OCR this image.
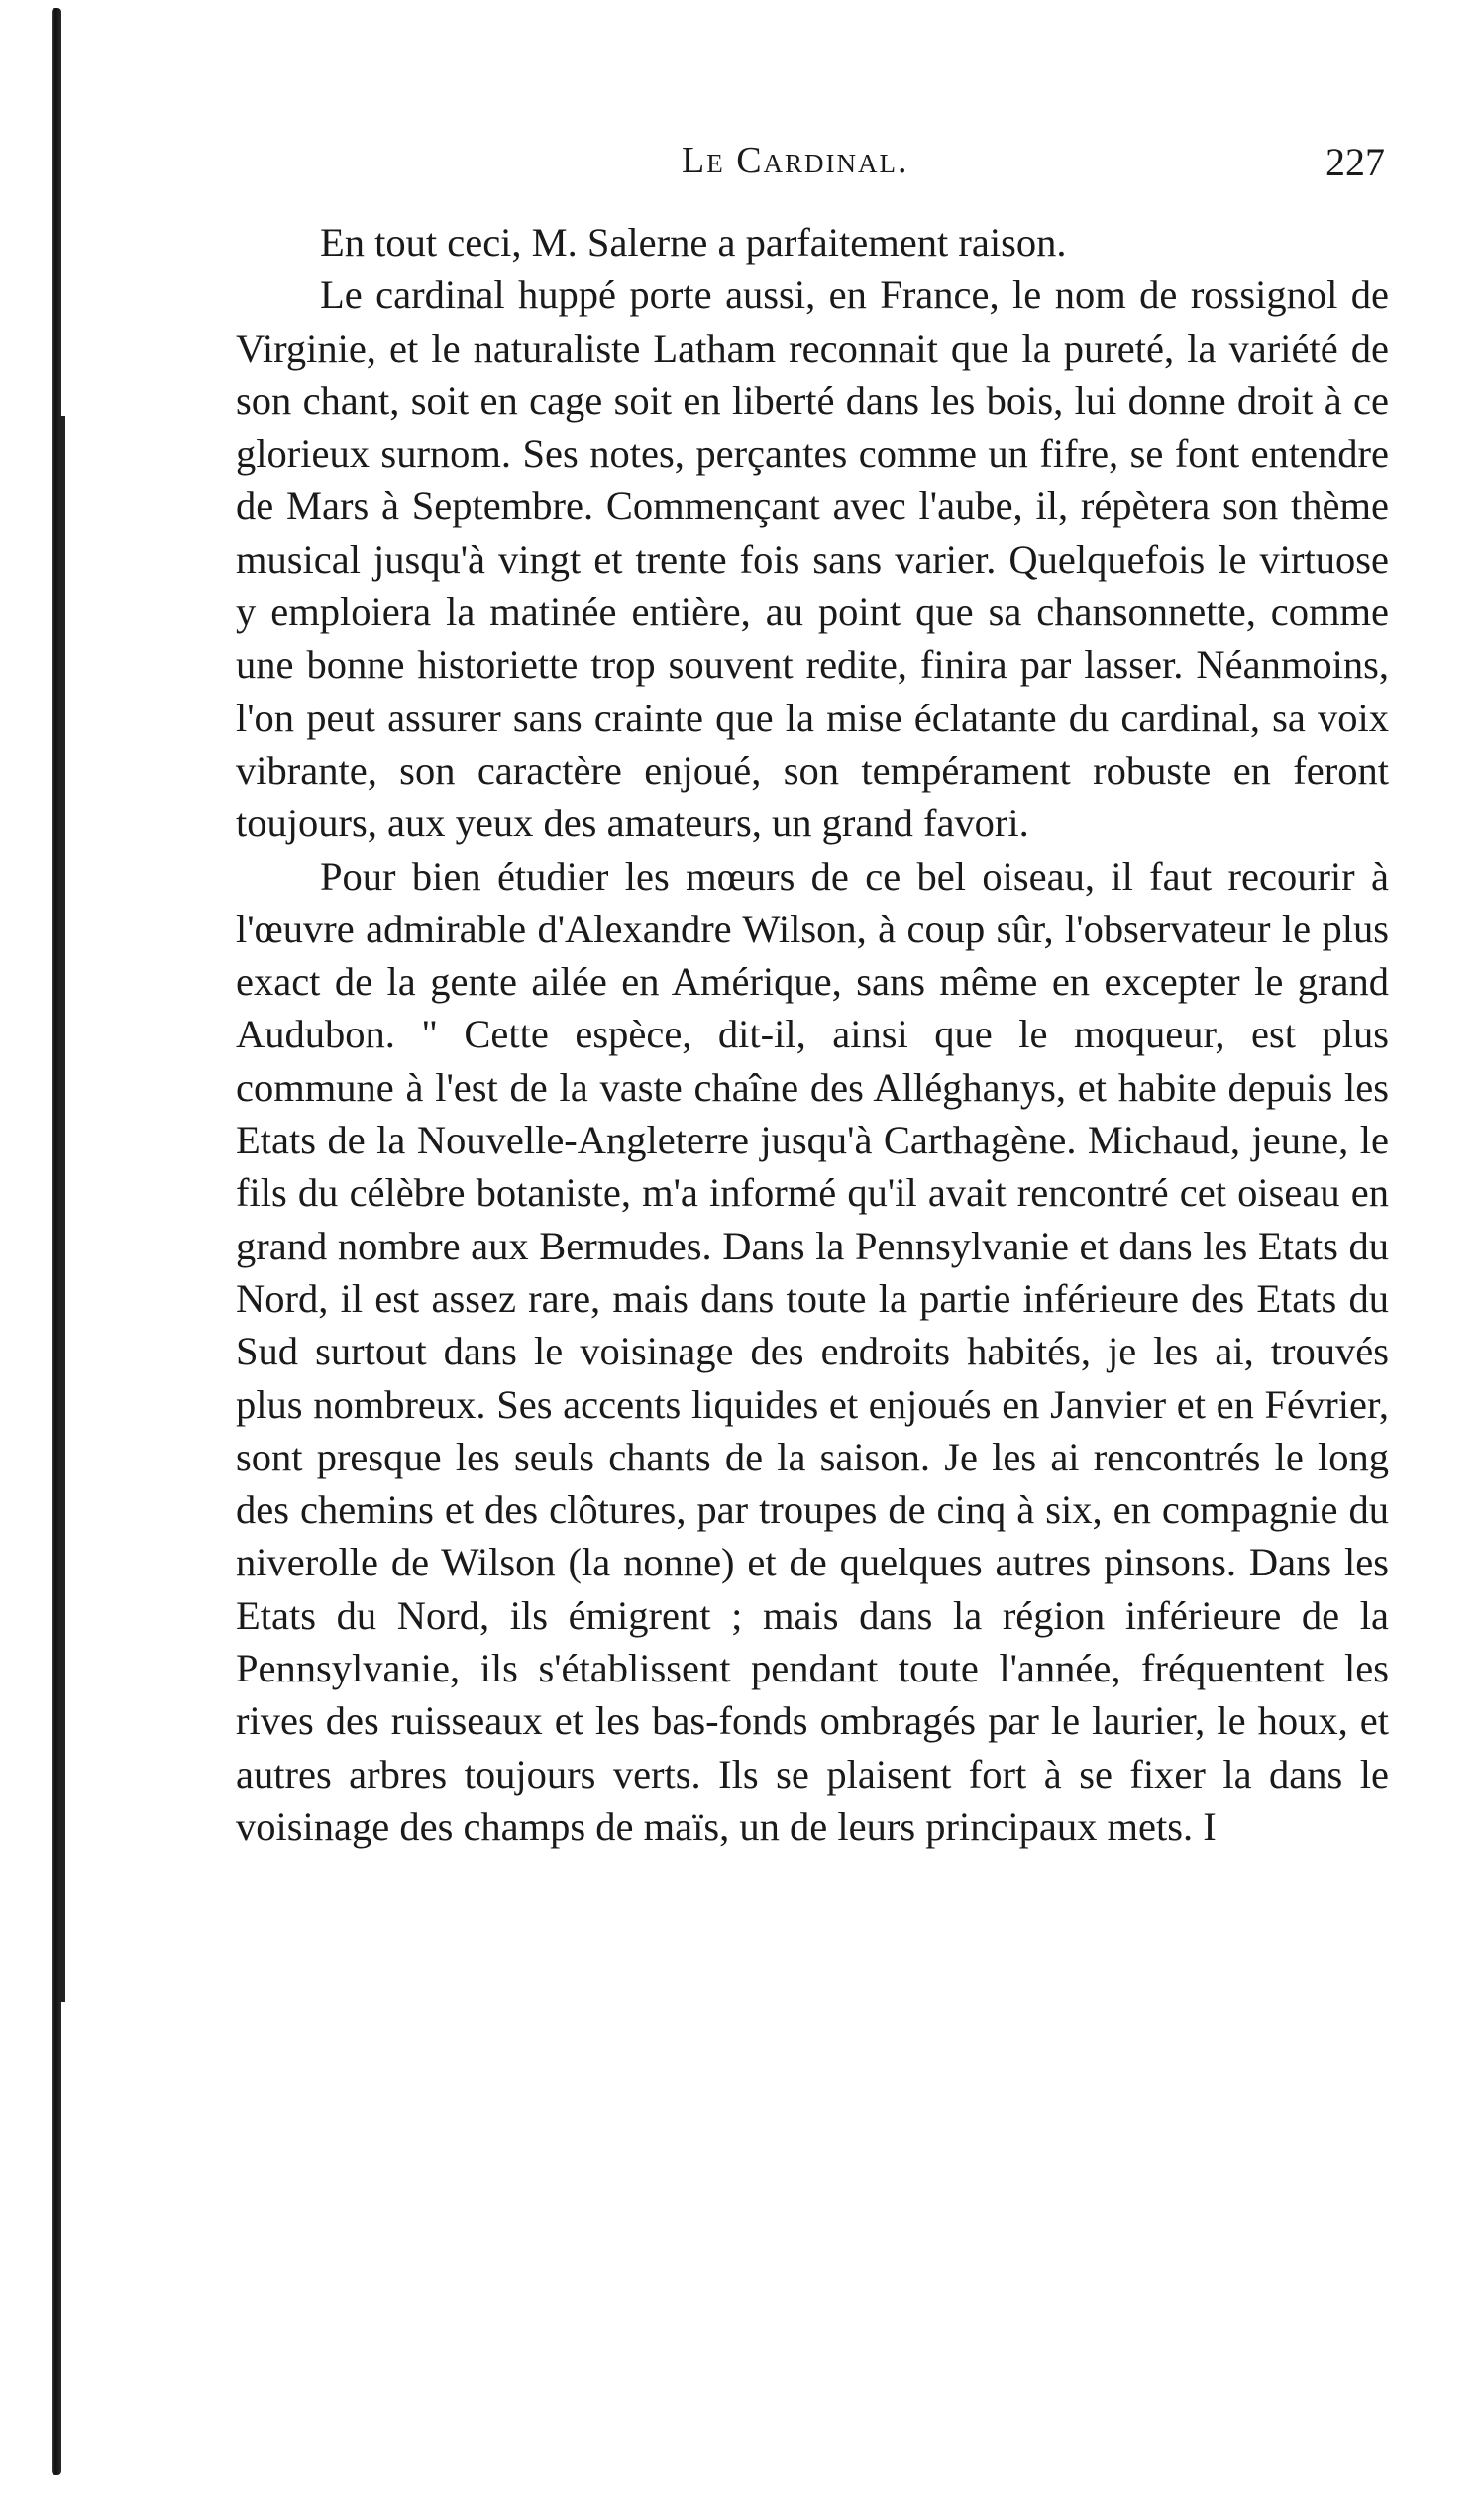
Le Cardinal.	227

En tout ceci, M. Salerne a parfaitement raison.

Le cardinal huppé porte aussi, en France, le nom de rossignol de Virginie, et le naturaliste Latham reconnait que la pureté, la variété de son chant, soit en cage soit en liberté dans les bois, lui donne droit à ce glorieux surnom. Ses notes, perçantes comme un fifre, se font entendre de Mars à Septembre. Commençant avec l'aube, il, répètera son thème musical jusqu'à vingt et trente fois sans varier. Quelquefois le virtuose y emploiera la matinée entière, au point que sa chansonnette, comme une bonne historiette trop souvent redite, finira par lasser. Néanmoins, l'on peut assurer sans crainte que la mise éclatante du cardinal, sa voix vibrante, son caractère enjoué, son tempérament robuste en feront toujours, aux yeux des amateurs, un grand favori.

Pour bien étudier les mœurs de ce bel oiseau, il faut recourir à l'œuvre admirable d'Alexandre Wilson, à coup sûr, l'observateur le plus exact de la gente ailée en Amérique, sans même en excepter le grand Audubon. " Cette espèce, dit-il, ainsi que le moqueur, est plus commune à l'est de la vaste chaîne des Alléghanys, et habite depuis les Etats de la Nouvelle-Angleterre jusqu'à Carthagène. Michaud, jeune, le fils du célèbre botaniste, m'a informé qu'il avait rencontré cet oiseau en grand nombre aux Bermudes. Dans la Pennsylvanie et dans les Etats du Nord, il est assez rare, mais dans toute la partie inférieure des Etats du Sud surtout dans le voisinage des endroits habités, je les ai, trouvés plus nombreux. Ses accents liquides et enjoués en Janvier et en Février, sont presque les seuls chants de la saison. Je les ai rencontrés le long des chemins et des clôtures, par troupes de cinq à six, en compagnie du niverolle de Wilson (la nonne) et de quelques autres pinsons. Dans les Etats du Nord, ils émigrent ; mais dans la région inférieure de la Pennsylvanie, ils s'établissent pendant toute l'année, fréquentent les rives des ruisseaux et les bas-fonds ombragés par le laurier, le houx, et autres arbres toujours verts. Ils se plaisent fort à se fixer la dans le voisinage des champs de maïs, un de leurs principaux mets. I
